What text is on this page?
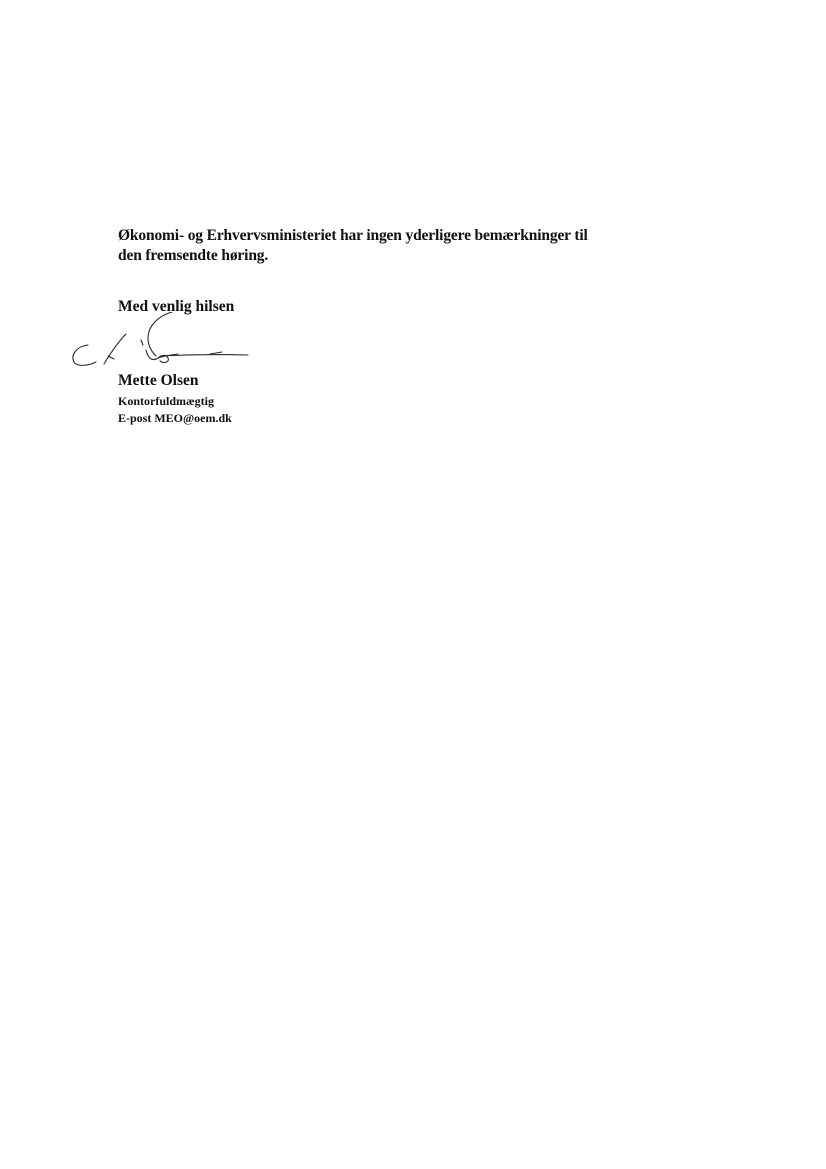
Økonomi- og Erhvervsministeriet har ingen yderligere bemærkninger til
den fremsendte høring.
Med venlig hilsen
Mette Olsen
Kontorfuldmægtig
E-post MEO@oem.dk
